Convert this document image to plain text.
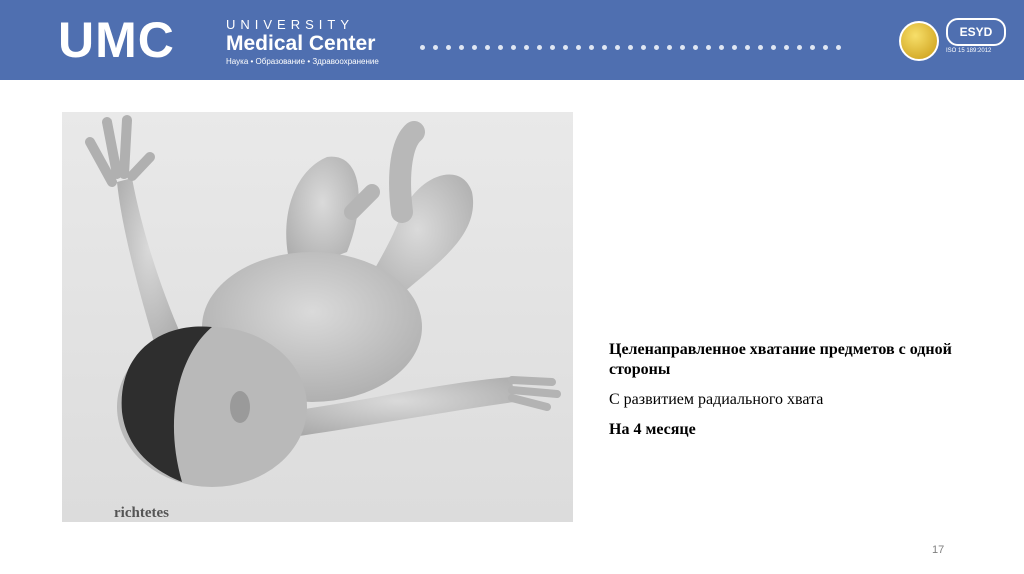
UMC	UNIVERSITY
Medical Center
Наука • Образование • Здравоохранение
ESYD
ISO 15 189:2012
richtetes

Целенаправленное хватание предметов с одной стороны

С развитием радиального хвата

На 4 месяце

17
